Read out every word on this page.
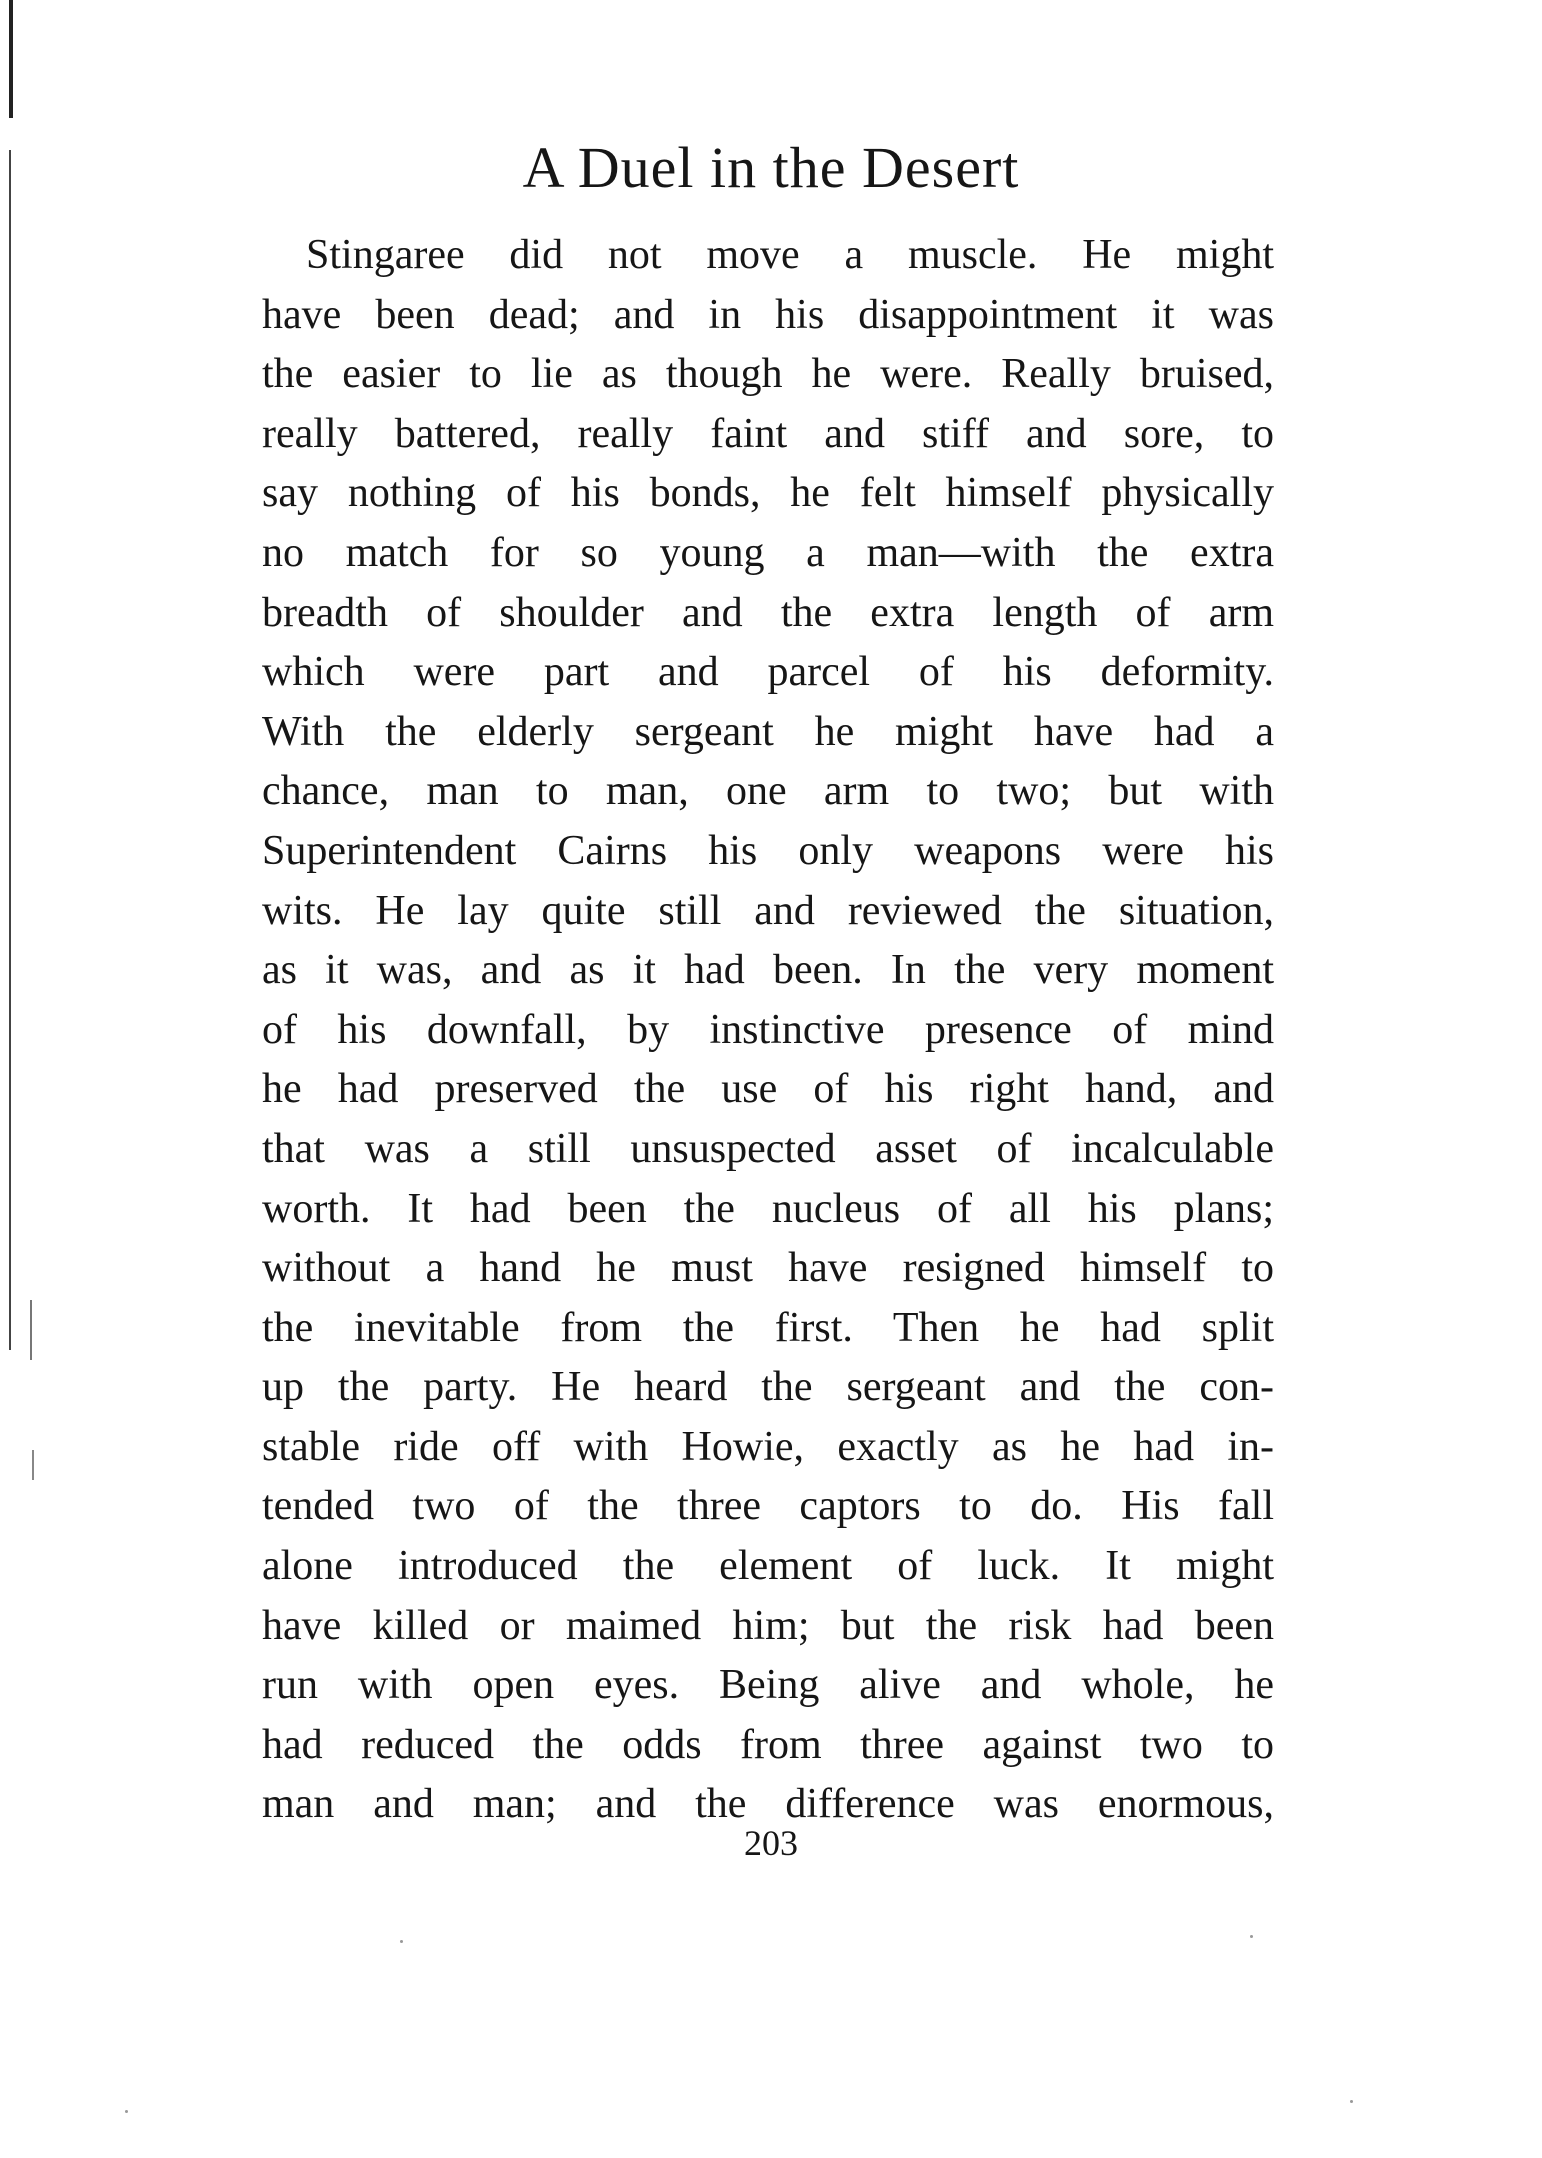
A Duel in the Desert
Stingaree did not move a muscle. He might
have been dead; and in his disappointment it was
the easier to lie as though he were. Really bruised,
really battered, really faint and stiff and sore, to
say nothing of his bonds, he felt himself physically
no match for so young a man—with the extra
breadth of shoulder and the extra length of arm
which were part and parcel of his deformity.
With the elderly sergeant he might have had a
chance, man to man, one arm to two; but with
Superintendent Cairns his only weapons were his
wits. He lay quite still and reviewed the situation,
as it was, and as it had been. In the very moment
of his downfall, by instinctive presence of mind
he had preserved the use of his right hand, and
that was a still unsuspected asset of incalculable
worth. It had been the nucleus of all his plans;
without a hand he must have resigned himself to
the inevitable from the first. Then he had split
up the party. He heard the sergeant and the con-
stable ride off with Howie, exactly as he had in-
tended two of the three captors to do. His fall
alone introduced the element of luck. It might
have killed or maimed him; but the risk had been
run with open eyes. Being alive and whole, he
had reduced the odds from three against two to
man and man; and the difference was enormous,
203
